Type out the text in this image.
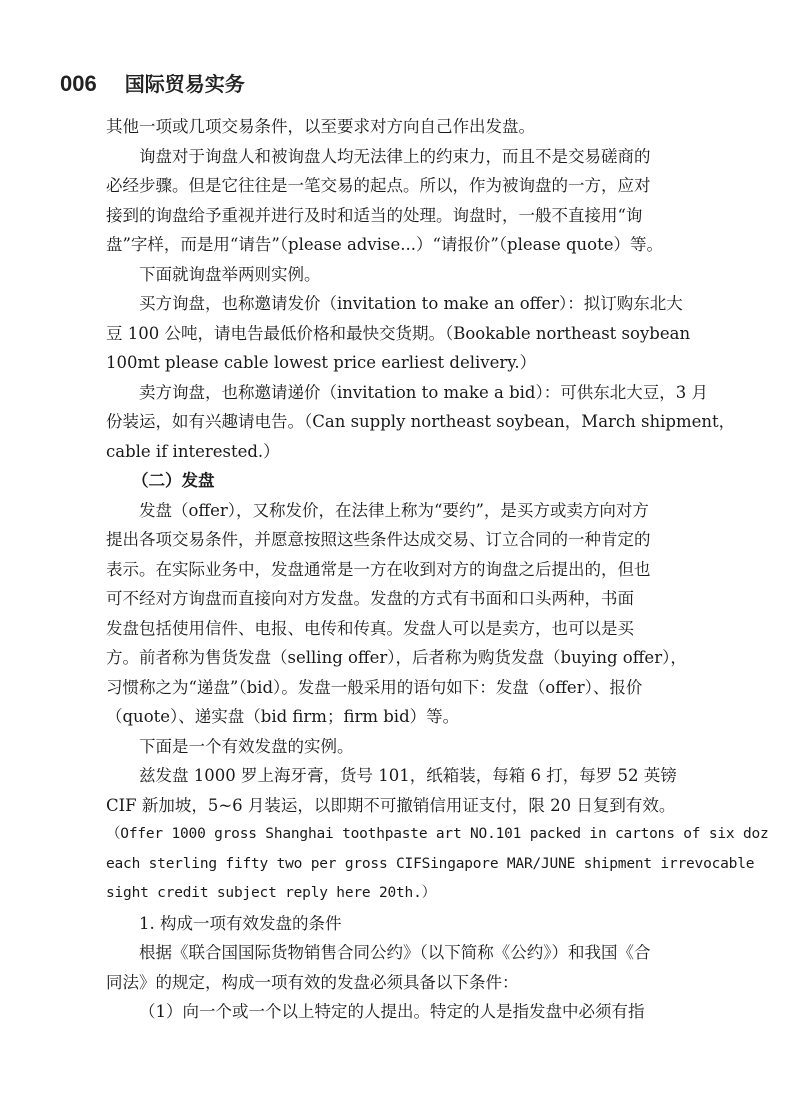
006 国际贸易实务
其他一项或几项交易条件，以至要求对方向自己作出发盘。
询盘对于询盘人和被询盘人均无法律上的约束力，而且不是交易磋商的
必经步骤。但是它往往是一笔交易的起点。所以，作为被询盘的一方，应对
接到的询盘给予重视并进行及时和适当的处理。询盘时，一般不直接用“询
盘”字样，而是用“请告”（please advise...）“请报价”（please quote）等。
下面就询盘举两则实例。
买方询盘，也称邀请发价（invitation to make an offer）：拟订购东北大
豆 100 公吨，请电告最低价格和最快交货期。（Bookable northeast soybean
100mt please cable lowest price earliest delivery.）
卖方询盘，也称邀请递价（invitation to make a bid）：可供东北大豆，3 月
份装运，如有兴趣请电告。（Can supply northeast soybean，March shipment，
cable if interested.）
（二）发盘
发盘（offer），又称发价，在法律上称为“要约”，是买方或卖方向对方
提出各项交易条件，并愿意按照这些条件达成交易、订立合同的一种肯定的
表示。在实际业务中，发盘通常是一方在收到对方的询盘之后提出的，但也
可不经对方询盘而直接向对方发盘。发盘的方式有书面和口头两种，书面
发盘包括使用信件、电报、电传和传真。发盘人可以是卖方，也可以是买
方。前者称为售货发盘（selling offer），后者称为购货发盘（buying offer），
习惯称之为“递盘”（bid）。发盘一般采用的语句如下：发盘（offer）、报价
（quote）、递实盘（bid firm；firm bid）等。
下面是一个有效发盘的实例。
兹发盘 1000 罗上海牙膏，货号 101，纸箱装，每箱 6 打，每罗 52 英镑
CIF 新加坡，5~6 月装运，以即期不可撤销信用证支付，限 20 日复到有效。
（Offer 1000 gross Shanghai toothpaste art NO.101 packed in cartons of six doz
each sterling fifty two per gross CIFSingapore MAR/JUNE shipment irrevocable
sight credit subject reply here 20th.）
1. 构成一项有效发盘的条件
根据《联合国国际货物销售合同公约》（以下简称《公约》）和我国《合
同法》的规定，构成一项有效的发盘必须具备以下条件：
（1）向一个或一个以上特定的人提出。特定的人是指发盘中必须有指
